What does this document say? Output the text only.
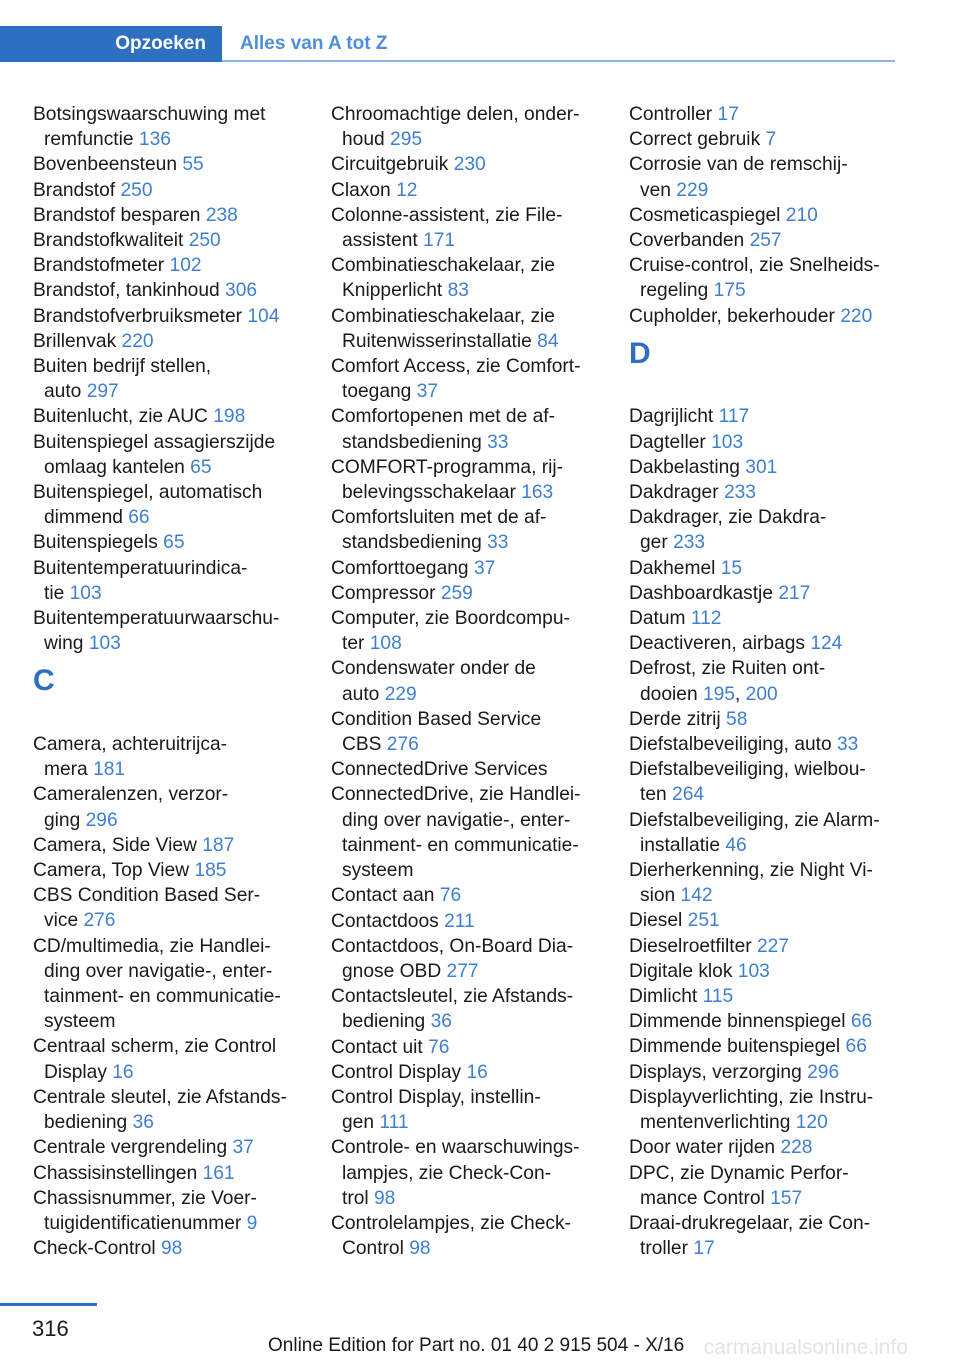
Opzoeken	Alles van A tot Z
Botsingswaarschuwing met
remfunctie 136
Bovenbeensteun 55
Brandstof 250
Brandstof besparen 238
Brandstofkwaliteit 250
Brandstofmeter 102
Brandstof, tankinhoud 306
Brandstofverbruiksmeter 104
Brillenvak 220
Buiten bedrijf stellen,
auto 297
Buitenlucht, zie AUC 198
Buitenspiegel assagierszijde
omlaag kantelen 65
Buitenspiegel, automatisch
dimmend 66
Buitenspiegels 65
Buitentemperatuurindica-
tie 103
Buitentemperatuurwaarschu-
wing 103
C
Camera, achteruitrijca-
mera 181
Cameralenzen, verzor-
ging 296
Camera, Side View 187
Camera, Top View 185
CBS Condition Based Ser-
vice 276
CD/multimedia, zie Handlei-
ding over navigatie-, enter-
tainment- en communicatie-
systeem
Centraal scherm, zie Control
Display 16
Centrale sleutel, zie Afstands-
bediening 36
Centrale vergrendeling 37
Chassisinstellingen 161
Chassisnummer, zie Voer-
tuigidentificatienummer 9
Check-Control 98
Chroomachtige delen, onder-
houd 295
Circuitgebruik 230
Claxon 12
Colonne-assistent, zie File-
assistent 171
Combinatieschakelaar, zie
Knipperlicht 83
Combinatieschakelaar, zie
Ruitenwisserinstallatie 84
Comfort Access, zie Comfort-
toegang 37
Comfortopenen met de af-
standsbediening 33
COMFORT-programma, rij-
belevingsschakelaar 163
Comfortsluiten met de af-
standsbediening 33
Comforttoegang 37
Compressor 259
Computer, zie Boordcompu-
ter 108
Condenswater onder de
auto 229
Condition Based Service
CBS 276
ConnectedDrive Services
ConnectedDrive, zie Handlei-
ding over navigatie-, enter-
tainment- en communicatie-
systeem
Contact aan 76
Contactdoos 211
Contactdoos, On-Board Dia-
gnose OBD 277
Contactsleutel, zie Afstands-
bediening 36
Contact uit 76
Control Display 16
Control Display, instellin-
gen 111
Controle- en waarschuwings-
lampjes, zie Check-Con-
trol 98
Controlelampjes, zie Check-
Control 98
Controller 17
Correct gebruik 7
Corrosie van de remschij-
ven 229
Cosmeticaspiegel 210
Coverbanden 257
Cruise-control, zie Snelheids-
regeling 175
Cupholder, bekerhouder 220
D
Dagrijlicht 117
Dagteller 103
Dakbelasting 301
Dakdrager 233
Dakdrager, zie Dakdra-
ger 233
Dakhemel 15
Dashboardkastje 217
Datum 112
Deactiveren, airbags 124
Defrost, zie Ruiten ont-
dooien 195, 200
Derde zitrij 58
Diefstalbeveiliging, auto 33
Diefstalbeveiliging, wielbou-
ten 264
Diefstalbeveiliging, zie Alarm-
installatie 46
Dierherkenning, zie Night Vi-
sion 142
Diesel 251
Dieselroetfilter 227
Digitale klok 103
Dimlicht 115
Dimmende binnenspiegel 66
Dimmende buitenspiegel 66
Displays, verzorging 296
Displayverlichting, zie Instru-
mentenverlichting 120
Door water rijden 228
DPC, zie Dynamic Perfor-
mance Control 157
Draai-drukregelaar, zie Con-
troller 17
316
Online Edition for Part no. 01 40 2 915 504 - X/16 carmanualsonline.info
